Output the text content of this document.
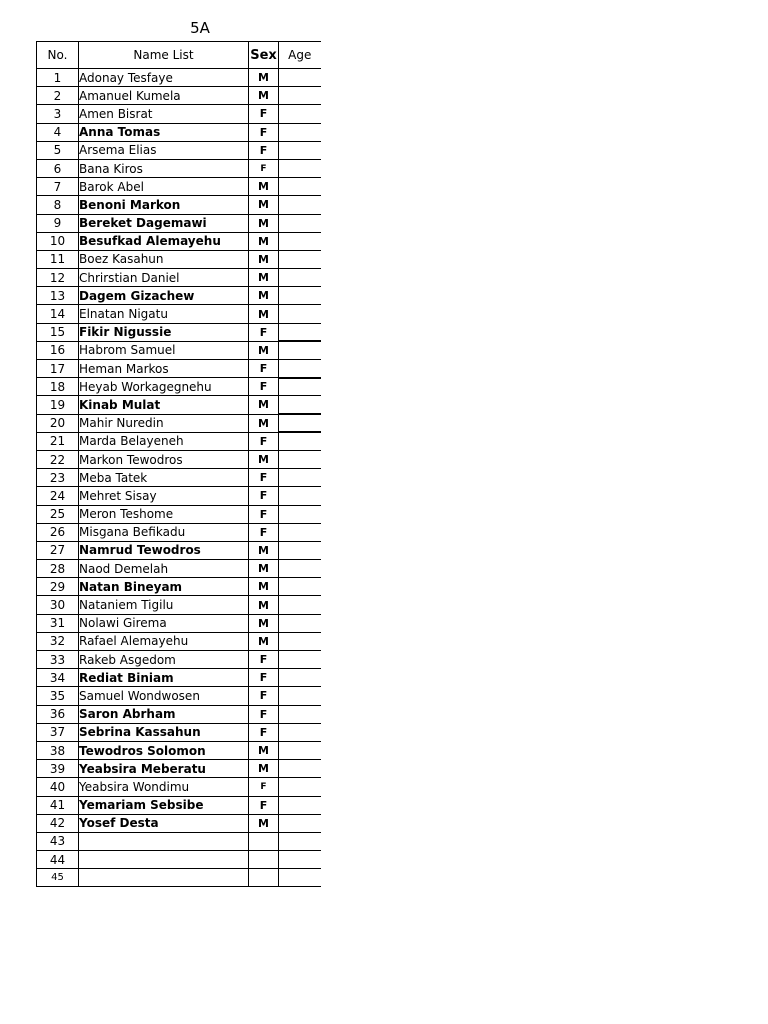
5A
No.	Name List	Sex	Age
1	Adonay Tesfaye	M	
2	Amanuel Kumela	M	
3	Amen Bisrat	F	
4	Anna Tomas	F	
5	Arsema Elias	F	
6	Bana Kiros	F	
7	Barok Abel	M	
8	Benoni Markon	M	
9	Bereket Dagemawi	M	
10	Besufkad Alemayehu	M	
11	Boez Kasahun	M	
12	Chrirstian Daniel	M	
13	Dagem Gizachew	M	
14	Elnatan Nigatu	M	
15	Fikir Nigussie	F	
16	Habrom Samuel	M	
17	Heman Markos	F	
18	Heyab Workagegnehu	F	
19	Kinab Mulat	M	
20	Mahir Nuredin	M	
21	Marda Belayeneh	F	
22	Markon Tewodros	M	
23	Meba Tatek	F	
24	Mehret Sisay	F	
25	Meron Teshome	F	
26	Misgana Befikadu	F	
27	Namrud Tewodros	M	
28	Naod Demelah	M	
29	Natan Bineyam	M	
30	Nataniem Tigilu	M	
31	Nolawi Girema	M	
32	Rafael Alemayehu	M	
33	Rakeb Asgedom	F	
34	Rediat Biniam	F	
35	Samuel Wondwosen	F	
36	Saron Abrham	F	
37	Sebrina Kassahun	F	
38	Tewodros Solomon	M	
39	Yeabsira Meberatu	M	
40	Yeabsira Wondimu	F	
41	Yemariam Sebsibe	F	
42	Yosef Desta	M	
43			
44			
45			
